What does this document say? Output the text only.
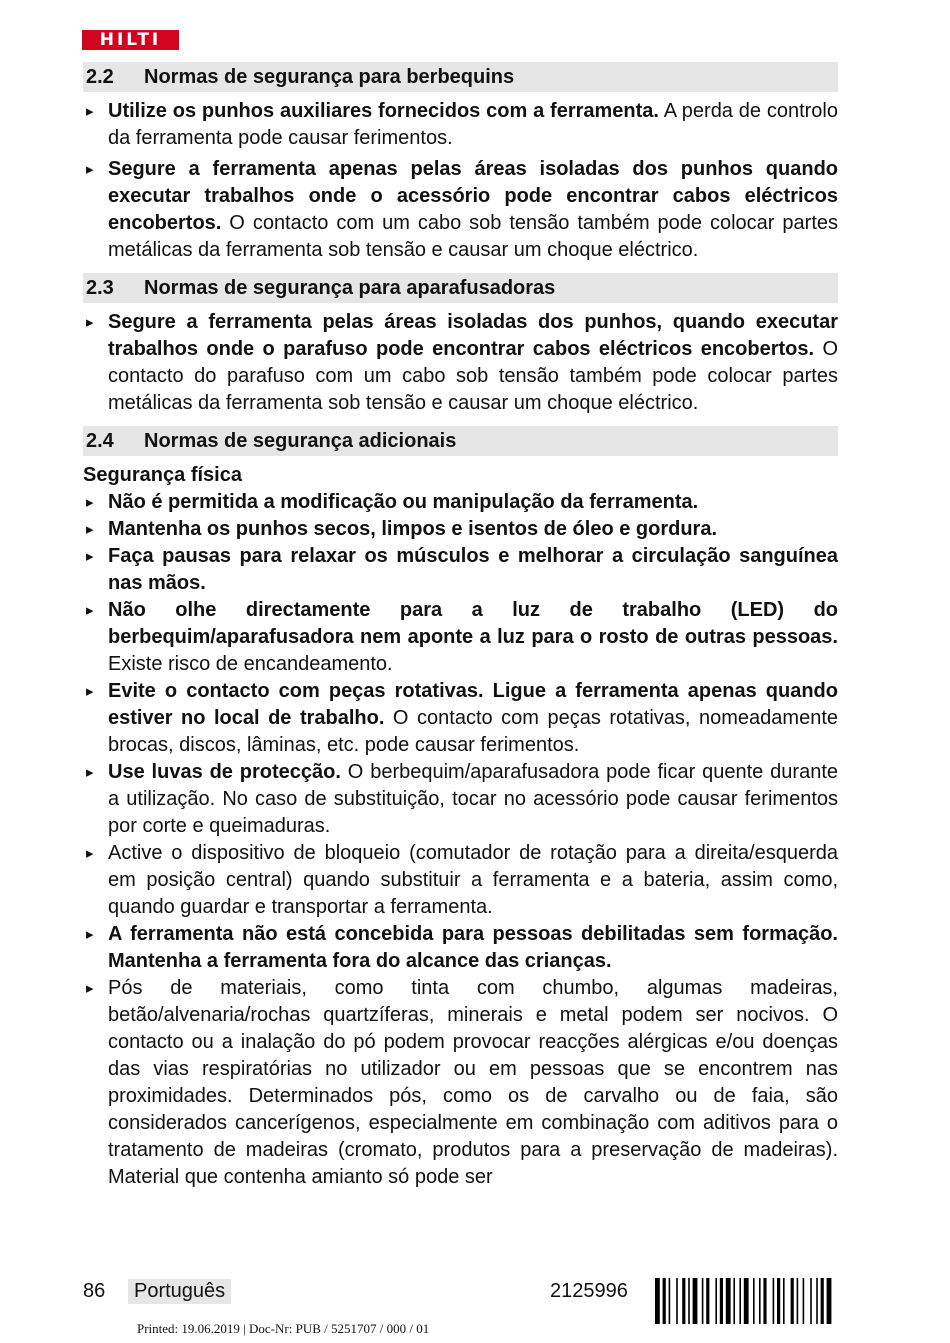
HILTI
2.2	Normas de segurança para berbequins
▸ Utilize os punhos auxiliares fornecidos com a ferramenta. A perda de controlo da ferramenta pode causar ferimentos.
▸ Segure a ferramenta apenas pelas áreas isoladas dos punhos quando executar trabalhos onde o acessório pode encontrar cabos eléctricos encobertos. O contacto com um cabo sob tensão também pode colocar partes metálicas da ferramenta sob tensão e causar um choque eléctrico.
2.3	Normas de segurança para aparafusadoras
▸ Segure a ferramenta pelas áreas isoladas dos punhos, quando executar trabalhos onde o parafuso pode encontrar cabos eléctricos encobertos. O contacto do parafuso com um cabo sob tensão também pode colocar partes metálicas da ferramenta sob tensão e causar um choque eléctrico.
2.4	Normas de segurança adicionais
Segurança física
▸ Não é permitida a modificação ou manipulação da ferramenta.
▸ Mantenha os punhos secos, limpos e isentos de óleo e gordura.
▸ Faça pausas para relaxar os músculos e melhorar a circulação sanguínea nas mãos.
▸ Não olhe directamente para a luz de trabalho (LED) do berbequim/aparafusadora nem aponte a luz para o rosto de outras pessoas. Existe risco de encandeamento.
▸ Evite o contacto com peças rotativas. Ligue a ferramenta apenas quando estiver no local de trabalho. O contacto com peças rotativas, nomeadamente brocas, discos, lâminas, etc. pode causar ferimentos.
▸ Use luvas de protecção. O berbequim/aparafusadora pode ficar quente durante a utilização. No caso de substituição, tocar no acessório pode causar ferimentos por corte e queimaduras.
▸ Active o dispositivo de bloqueio (comutador de rotação para a direita/esquerda em posição central) quando substituir a ferramenta e a bateria, assim como, quando guardar e transportar a ferramenta.
▸ A ferramenta não está concebida para pessoas debilitadas sem formação. Mantenha a ferramenta fora do alcance das crianças.
▸ Pós de materiais, como tinta com chumbo, algumas madeiras, betão/alvenaria/rochas quartzíferas, minerais e metal podem ser nocivos. O contacto ou a inalação do pó podem provocar reacções alérgicas e/ou doenças das vias respiratórias no utilizador ou em pessoas que se encontrem nas proximidades. Determinados pós, como os de carvalho ou de faia, são considerados cancerígenos, especialmente em combinação com aditivos para o tratamento de madeiras (cromato, produtos para a preservação de madeiras). Material que contenha amianto só pode ser
86	Português	2125996
Printed: 19.06.2019 | Doc-Nr: PUB / 5251707 / 000 / 01
